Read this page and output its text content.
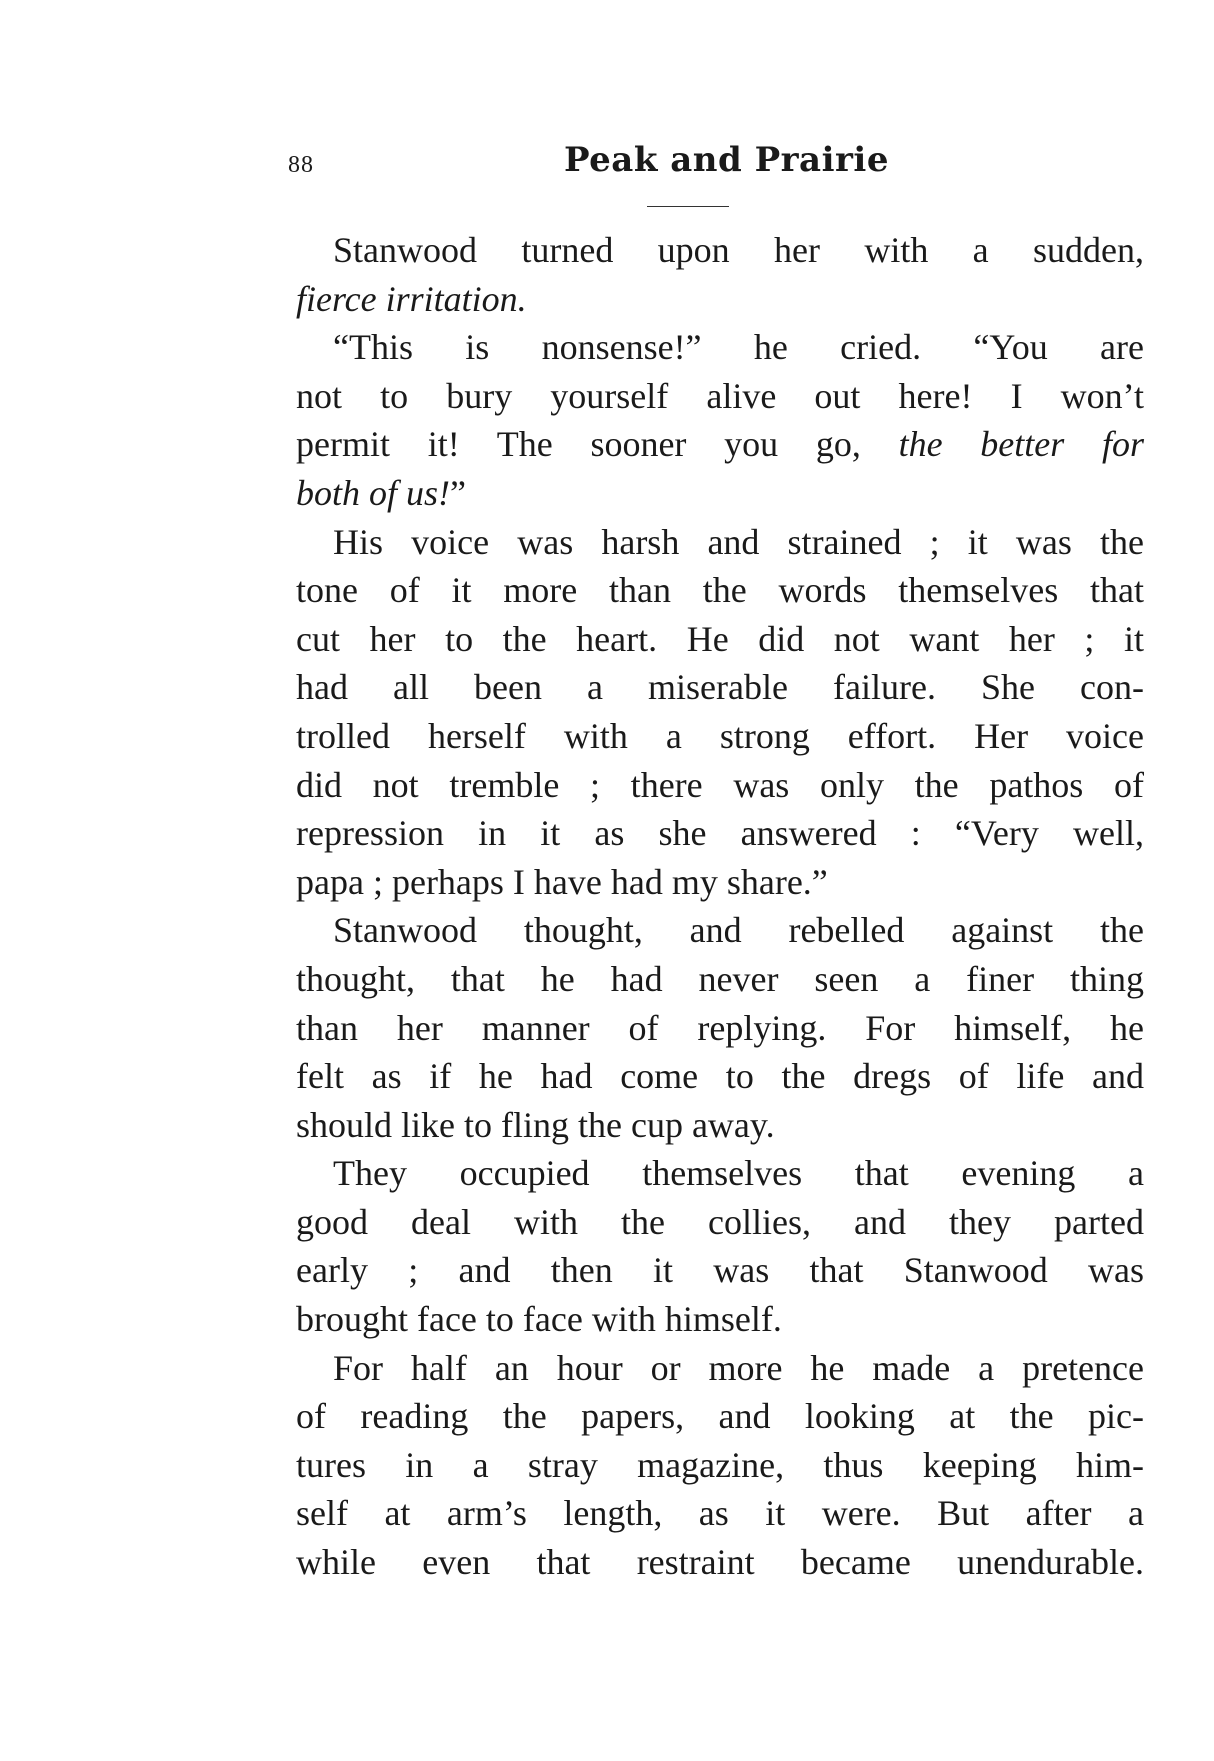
88	Peak and Prairie
Stanwood turned upon her with a sudden,
fierce irritation.
“This is nonsense!” he cried. “You are
not to bury yourself alive out here! I won’t
permit it! The sooner you go, the better for
both of us!”
His voice was harsh and strained ; it was the
tone of it more than the words themselves that
cut her to the heart. He did not want her ; it
had all been a miserable failure. She con-
trolled herself with a strong effort. Her voice
did not tremble ; there was only the pathos of
repression in it as she answered : “Very well,
papa ; perhaps I have had my share.”
Stanwood thought, and rebelled against the
thought, that he had never seen a finer thing
than her manner of replying. For himself, he
felt as if he had come to the dregs of life and
should like to fling the cup away.
They occupied themselves that evening a
good deal with the collies, and they parted
early ; and then it was that Stanwood was
brought face to face with himself.
For half an hour or more he made a pretence
of reading the papers, and looking at the pic-
tures in a stray magazine, thus keeping him-
self at arm’s length, as it were. But after a
while even that restraint became unendurable.
